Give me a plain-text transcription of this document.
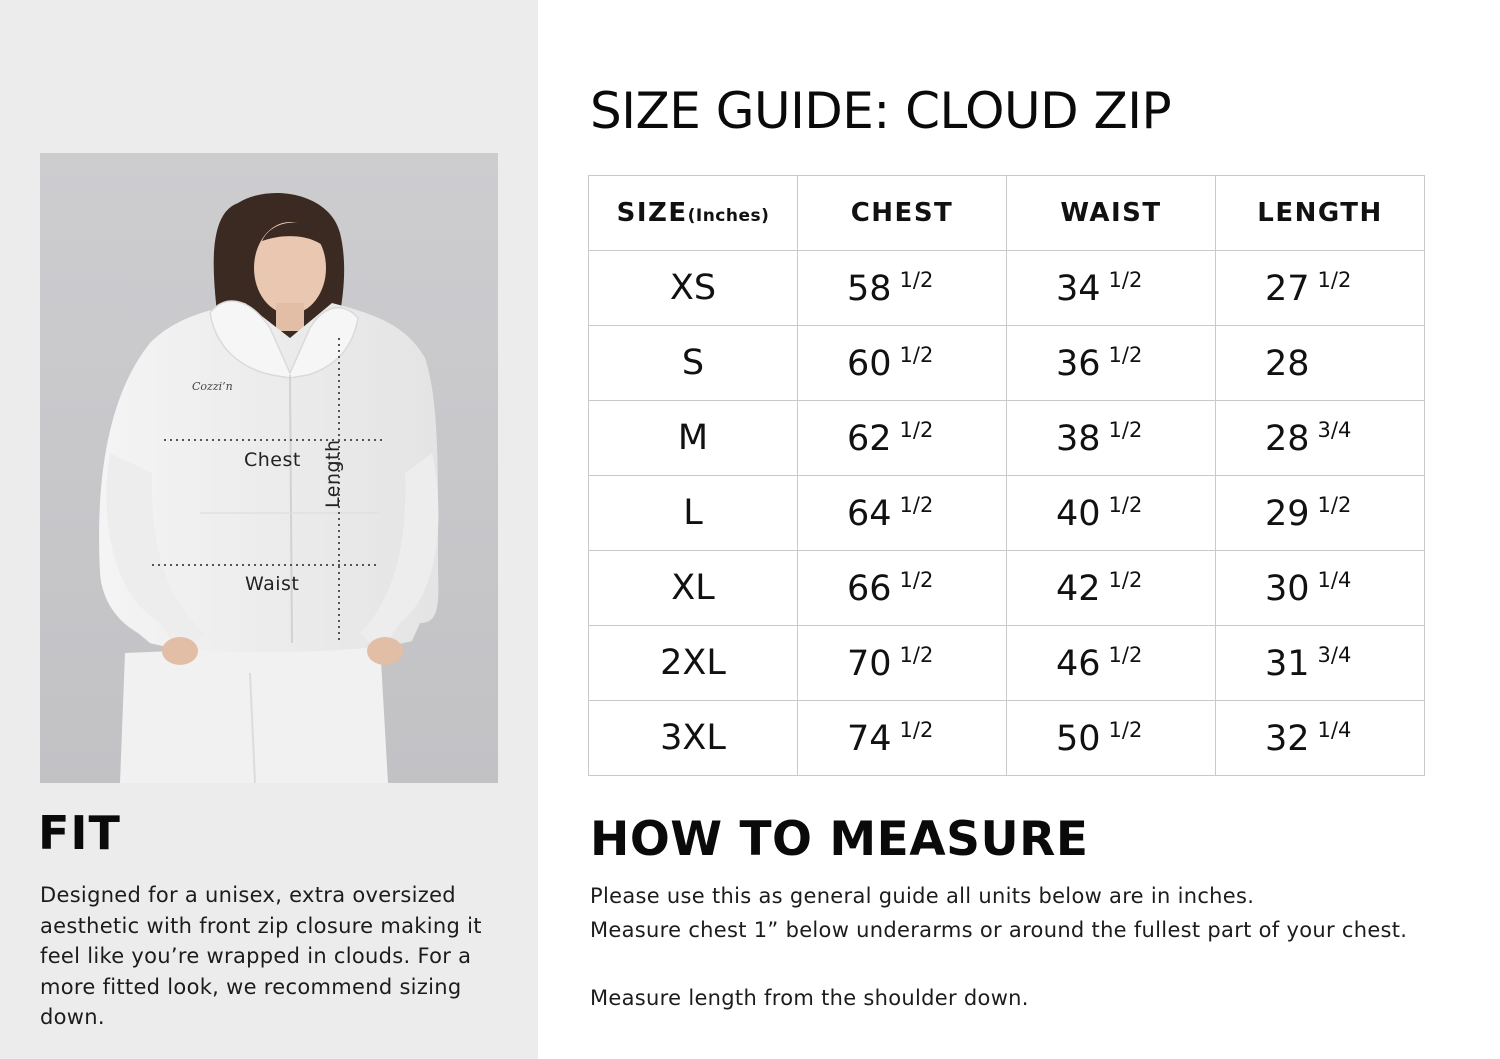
Cozzi’n
Chest
Waist
Length
FIT

Designed for a unisex, extra oversized aesthetic with front zip closure making it feel like you’re wrapped in clouds. For a more fitted look, we recommend sizing down.

SIZE GUIDE: CLOUD ZIP
SIZE(Inches)	CHEST	WAIST	LENGTH
XS	58 $^{1/2}$	34 $^{1/2}$	27 $^{1/2}$
S	60 $^{1/2}$	36 $^{1/2}$	28
M	62 $^{1/2}$	38 $^{1/2}$	28 $^{3/4}$
L	64 $^{1/2}$	40 $^{1/2}$	29 $^{1/2}$
XL	66 $^{1/2}$	42 $^{1/2}$	30 $^{1/4}$
2XL	70 $^{1/2}$	46 $^{1/2}$	31 $^{3/4}$
3XL	74 $^{1/2}$	50 $^{1/2}$	32 $^{1/4}$
HOW TO MEASURE

Please use this as general guide all units below are in inches.

Measure chest 1” below underarms or around the fullest part of your chest.

Measure length from the shoulder down.
